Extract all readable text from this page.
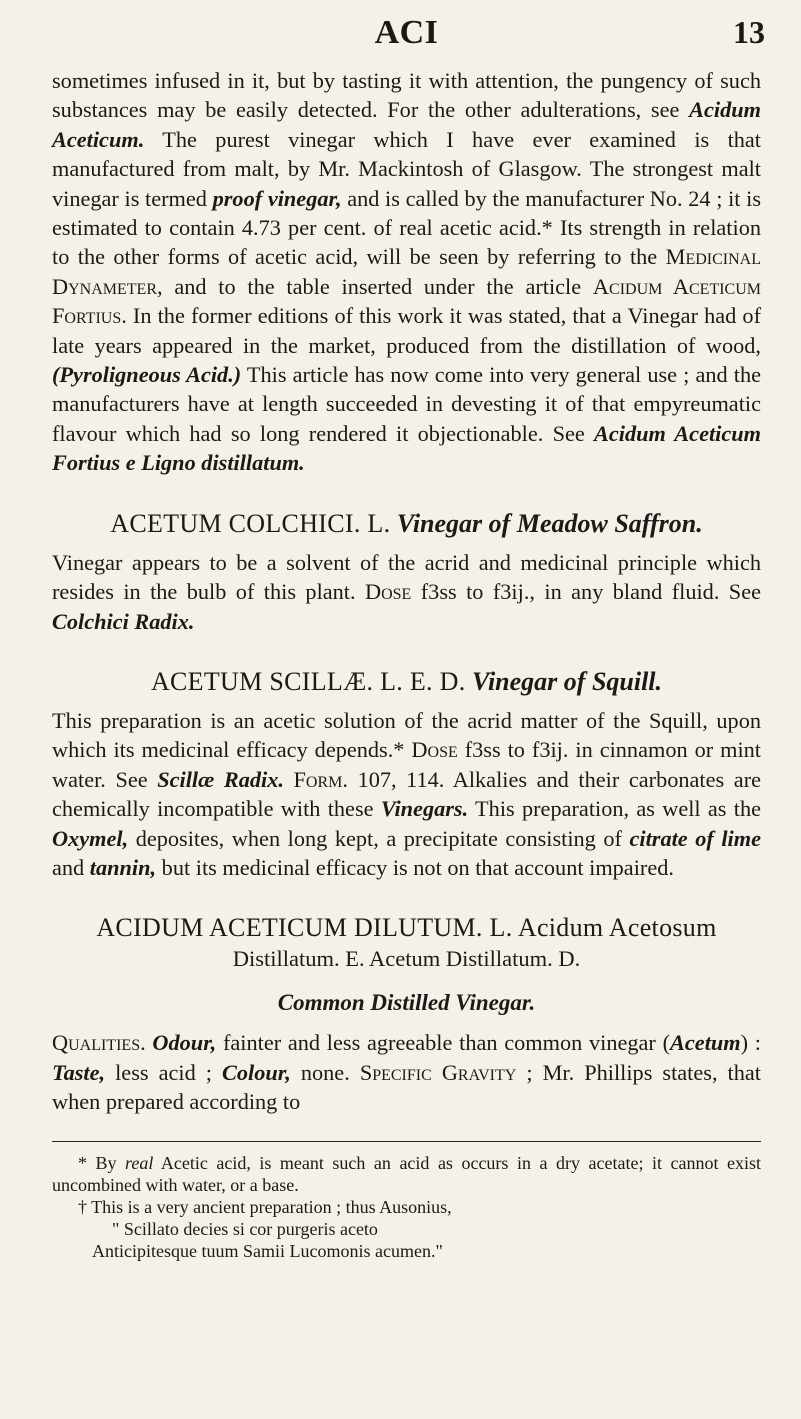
ACI	13

sometimes infused in it, but by tasting it with attention, the pungency of such substances may be easily detected. For the other adulterations, see Acidum Aceticum. The purest vinegar which I have ever examined is that manufactured from malt, by Mr. Mackintosh of Glasgow. The strongest malt vinegar is termed proof vinegar, and is called by the manufacturer No. 24 ; it is estimated to contain 4.73 per cent. of real acetic acid.* Its strength in relation to the other forms of acetic acid, will be seen by referring to the Medicinal Dynameter, and to the table inserted under the article Acidum Aceticum Fortius. In the former editions of this work it was stated, that a Vinegar had of late years appeared in the market, produced from the distillation of wood, (Pyroligneous Acid.) This article has now come into very general use ; and the manufacturers have at length succeeded in devesting it of that empyreumatic flavour which had so long rendered it objectionable. See Acidum Aceticum Fortius e Ligno distillatum.

ACETUM COLCHICI. L. Vinegar of Meadow Saffron.

Vinegar appears to be a solvent of the acrid and medicinal principle which resides in the bulb of this plant. Dose f3ss to f3ij., in any bland fluid. See Colchici Radix.

ACETUM SCILLÆ. L. E. D. Vinegar of Squill.

This preparation is an acetic solution of the acrid matter of the Squill, upon which its medicinal efficacy depends.* Dose f3ss to f3ij. in cinnamon or mint water. See Scillæ Radix. Form. 107, 114. Alkalies and their carbonates are chemically incompatible with these Vinegars. This preparation, as well as the Oxymel, deposites, when long kept, a precipitate consisting of citrate of lime and tannin, but its medicinal efficacy is not on that account impaired.

ACIDUM ACETICUM DILUTUM. L. Acidum Acetosum
Distillatum. E. Acetum Distillatum. D.
Common Distilled Vinegar.

Qualities. Odour, fainter and less agreeable than common vinegar (Acetum) : Taste, less acid ; Colour, none. Specific Gravity ; Mr. Phillips states, that when prepared according to

* By real Acetic acid, is meant such an acid as occurs in a dry acetate; it cannot exist uncombined with water, or a base.

† This is a very ancient preparation ; thus Ausonius,

" Scillato decies si cor purgeris aceto

Anticipitesque tuum Samii Lucomonis acumen."
